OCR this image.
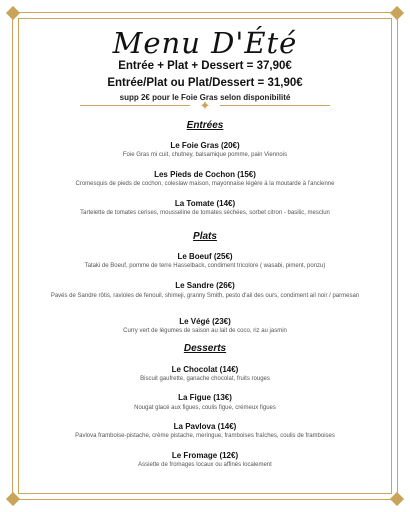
Menu D'Été
Entrée + Plat + Dessert = 37,90€
Entrée/Plat ou Plat/Dessert = 31,90€
supp 2€ pour le Foie Gras selon disponibilité
✦
Entrées
Le Foie Gras (20€)
Foie Gras mi cuit, chutney, balsamique pomme, pain Viennois
Les Pieds de Cochon (15€)
Cromesquis de pieds de cochon, coleslaw maison, mayonnaise légère à la moutarde à l'ancienne
La Tomate (14€)
Tartelette de tomates cerises, mousseline de tomates séchées, sorbet citron - basilic, mesclun
Plats
Le Boeuf (25€)
Tataki de Boeuf, pomme de terre Hasselback, condiment tricolore ( wasabi, piment, ponzu)
Le Sandre (26€)
Pavés de Sandre rôtis, ravioles de fenouil, shimeji, granny Smith, pesto d'ail des ours, condiment ail noir / parmesan
Le Végé (23€)
Curry vert de légumes de saison au lait de coco, riz au jasmin
Desserts
Le Chocolat (14€)
Biscuit gaufrette, ganache chocolat, fruits rouges
La Figue (13€)
Nougat glacé aux figues, coulis figue, crémeux figues
La Pavlova (14€)
Pavlova framboise-pistache, crème pistache, meringue, framboises fraîches, coulis de framboises
Le Fromage (12€)
Assiette de fromages locaux ou affinés localement
